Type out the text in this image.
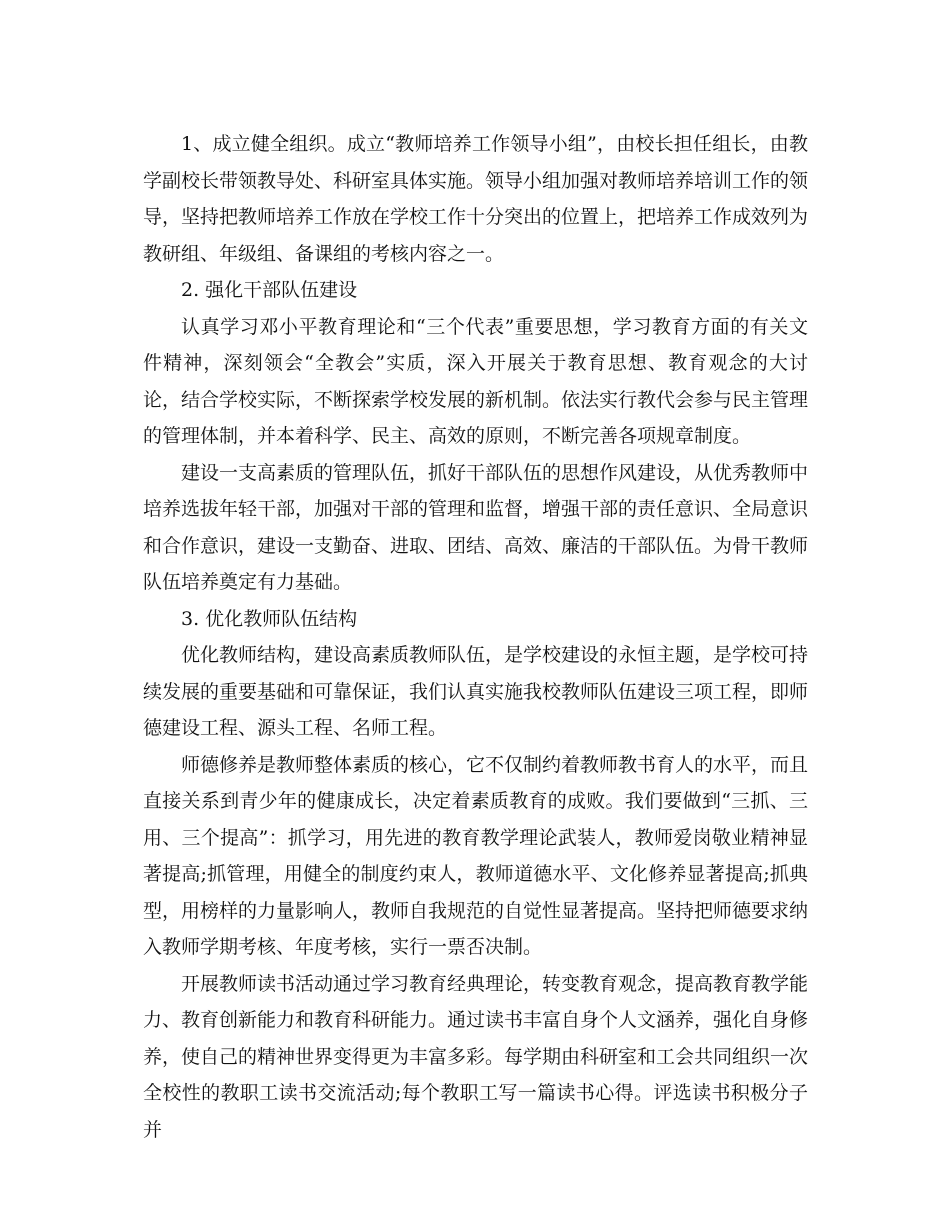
1、成立健全组织。成立“教师培养工作领导小组”，由校长担任组长，由教学副校长带领教导处、科研室具体实施。领导小组加强对教师培养培训工作的领导，坚持把教师培养工作放在学校工作十分突出的位置上，把培养工作成效列为教研组、年级组、备课组的考核内容之一。

2. 强化干部队伍建设

认真学习邓小平教育理论和“三个代表”重要思想，学习教育方面的有关文件精神，深刻领会“全教会”实质，深入开展关于教育思想、教育观念的大讨论，结合学校实际，不断探索学校发展的新机制。依法实行教代会参与民主管理的管理体制，并本着科学、民主、高效的原则，不断完善各项规章制度。

建设一支高素质的管理队伍，抓好干部队伍的思想作风建设，从优秀教师中培养选拔年轻干部，加强对干部的管理和监督，增强干部的责任意识、全局意识和合作意识，建设一支勤奋、进取、团结、高效、廉洁的干部队伍。为骨干教师队伍培养奠定有力基础。

3. 优化教师队伍结构

优化教师结构，建设高素质教师队伍，是学校建设的永恒主题，是学校可持续发展的重要基础和可靠保证，我们认真实施我校教师队伍建设三项工程，即师德建设工程、源头工程、名师工程。

师德修养是教师整体素质的核心，它不仅制约着教师教书育人的水平，而且直接关系到青少年的健康成长，决定着素质教育的成败。我们要做到“三抓、三用、三个提高”：抓学习，用先进的教育教学理论武装人，教师爱岗敬业精神显著提高;抓管理，用健全的制度约束人，教师道德水平、文化修养显著提高;抓典型，用榜样的力量影响人，教师自我规范的自觉性显著提高。坚持把师德要求纳入教师学期考核、年度考核，实行一票否决制。

开展教师读书活动通过学习教育经典理论，转变教育观念，提高教育教学能力、教育创新能力和教育科研能力。通过读书丰富自身个人文涵养，强化自身修养，使自己的精神世界变得更为丰富多彩。每学期由科研室和工会共同组织一次全校性的教职工读书交流活动;每个教职工写一篇读书心得。评选读书积极分子并
